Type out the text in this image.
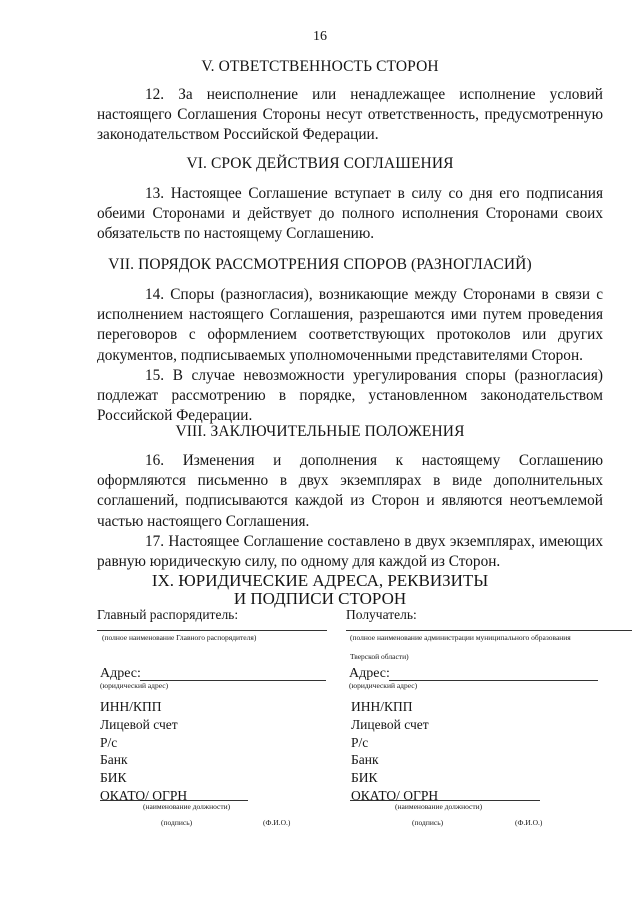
16
V. ОТВЕТСТВЕННОСТЬ СТОРОН

12. За неисполнение или ненадлежащее исполнение условий настоящего Соглашения Стороны несут ответственность, предусмотренную законодательством Российской Федерации.

VI. СРОК ДЕЙСТВИЯ СОГЛАШЕНИЯ

13. Настоящее Соглашение вступает в силу со дня его подписания обеими Сторонами и действует до полного исполнения Сторонами своих обязательств по настоящему Соглашению.

VII. ПОРЯДОК РАССМОТРЕНИЯ СПОРОВ (РАЗНОГЛАСИЙ)

14. Споры (разногласия), возникающие между Сторонами в связи с исполнением настоящего Соглашения, разрешаются ими путем проведения переговоров с оформлением соответствующих протоколов или других документов, подписываемых уполномоченными представителями Сторон.

15. В случае невозможности урегулирования споры (разногласия) подлежат рассмотрению в порядке, установленном законодательством Российской Федерации.

VIII. ЗАКЛЮЧИТЕЛЬНЫЕ ПОЛОЖЕНИЯ

16. Изменения и дополнения к настоящему Соглашению оформляются письменно в двух экземплярах в виде дополнительных соглашений, подписываются каждой из Сторон и являются неотъемлемой частью настоящего Соглашения.

17. Настоящее Соглашение составлено в двух экземплярах, имеющих равную юридическую силу, по одному для каждой из Сторон.

IX. ЮРИДИЧЕСКИЕ АДРЕСА, РЕКВИЗИТЫ
И ПОДПИСИ СТОРОН
Главный распорядитель:
(полное наименование Главного распорядителя)
Адрес:
(юридический адрес)
ИНН/КПП
Лицевой счет
Р/с
Банк
БИК
ОКАТО/ ОГРН
(наименование должности)
(подпись)	(Ф.И.О.)
Получатель:
(полное наименование администрации муниципального образования
Тверской области)
Адрес:
(юридический адрес)
ИНН/КПП
Лицевой счет
Р/с
Банк
БИК
ОКАТО/ ОГРН
(наименование должности)
(подпись)	(Ф.И.О.)
